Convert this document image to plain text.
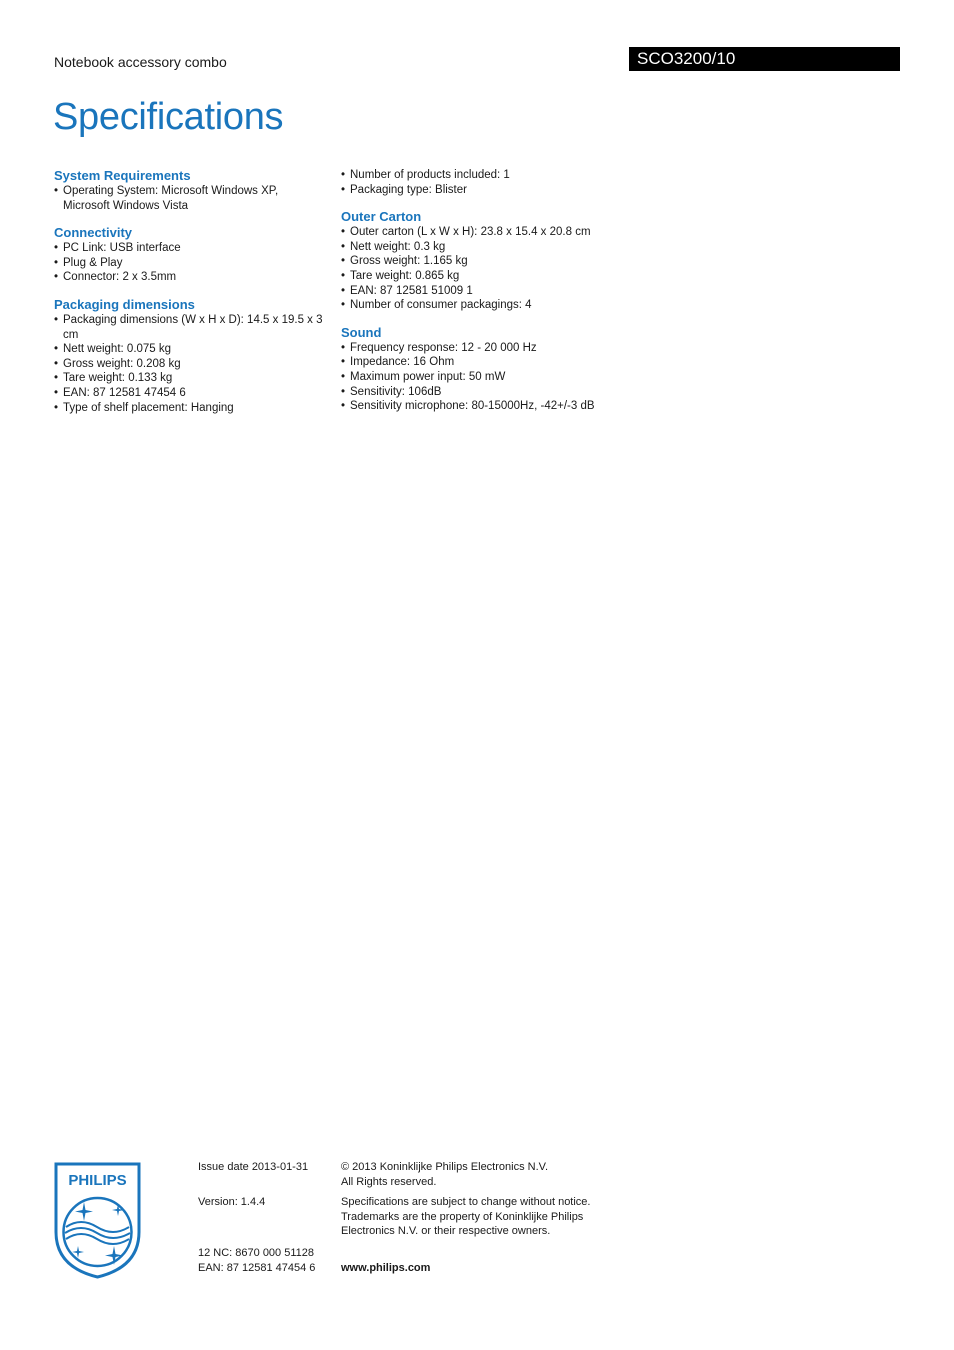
Notebook accessory combo	SCO3200/10
Specifications
System Requirements
• Operating System: Microsoft Windows XP, Microsoft Windows Vista
Connectivity
• PC Link: USB interface
• Plug & Play
• Connector: 2 x 3.5mm
Packaging dimensions
• Packaging dimensions (W x H x D): 14.5 x 19.5 x 3 cm
• Nett weight: 0.075 kg
• Gross weight: 0.208 kg
• Tare weight: 0.133 kg
• EAN: 87 12581 47454 6
• Type of shelf placement: Hanging
• Number of products included: 1
• Packaging type: Blister
Outer Carton
• Outer carton (L x W x H): 23.8 x 15.4 x 20.8 cm
• Nett weight: 0.3 kg
• Gross weight: 1.165 kg
• Tare weight: 0.865 kg
• EAN: 87 12581 51009 1
• Number of consumer packagings: 4
Sound
• Frequency response: 12 - 20 000 Hz
• Impedance: 16 Ohm
• Maximum power input: 50 mW
• Sensitivity: 106dB
• Sensitivity microphone: 80-15000Hz, -42+/-3 dB
PHILIPS
Issue date 2013-01-31
Version: 1.4.4
12 NC: 8670 000 51128
EAN: 87 12581 47454 6
© 2013 Koninklijke Philips Electronics N.V.
All Rights reserved.
Specifications are subject to change without notice. Trademarks are the property of Koninklijke Philips Electronics N.V. or their respective owners.
www.philips.com
